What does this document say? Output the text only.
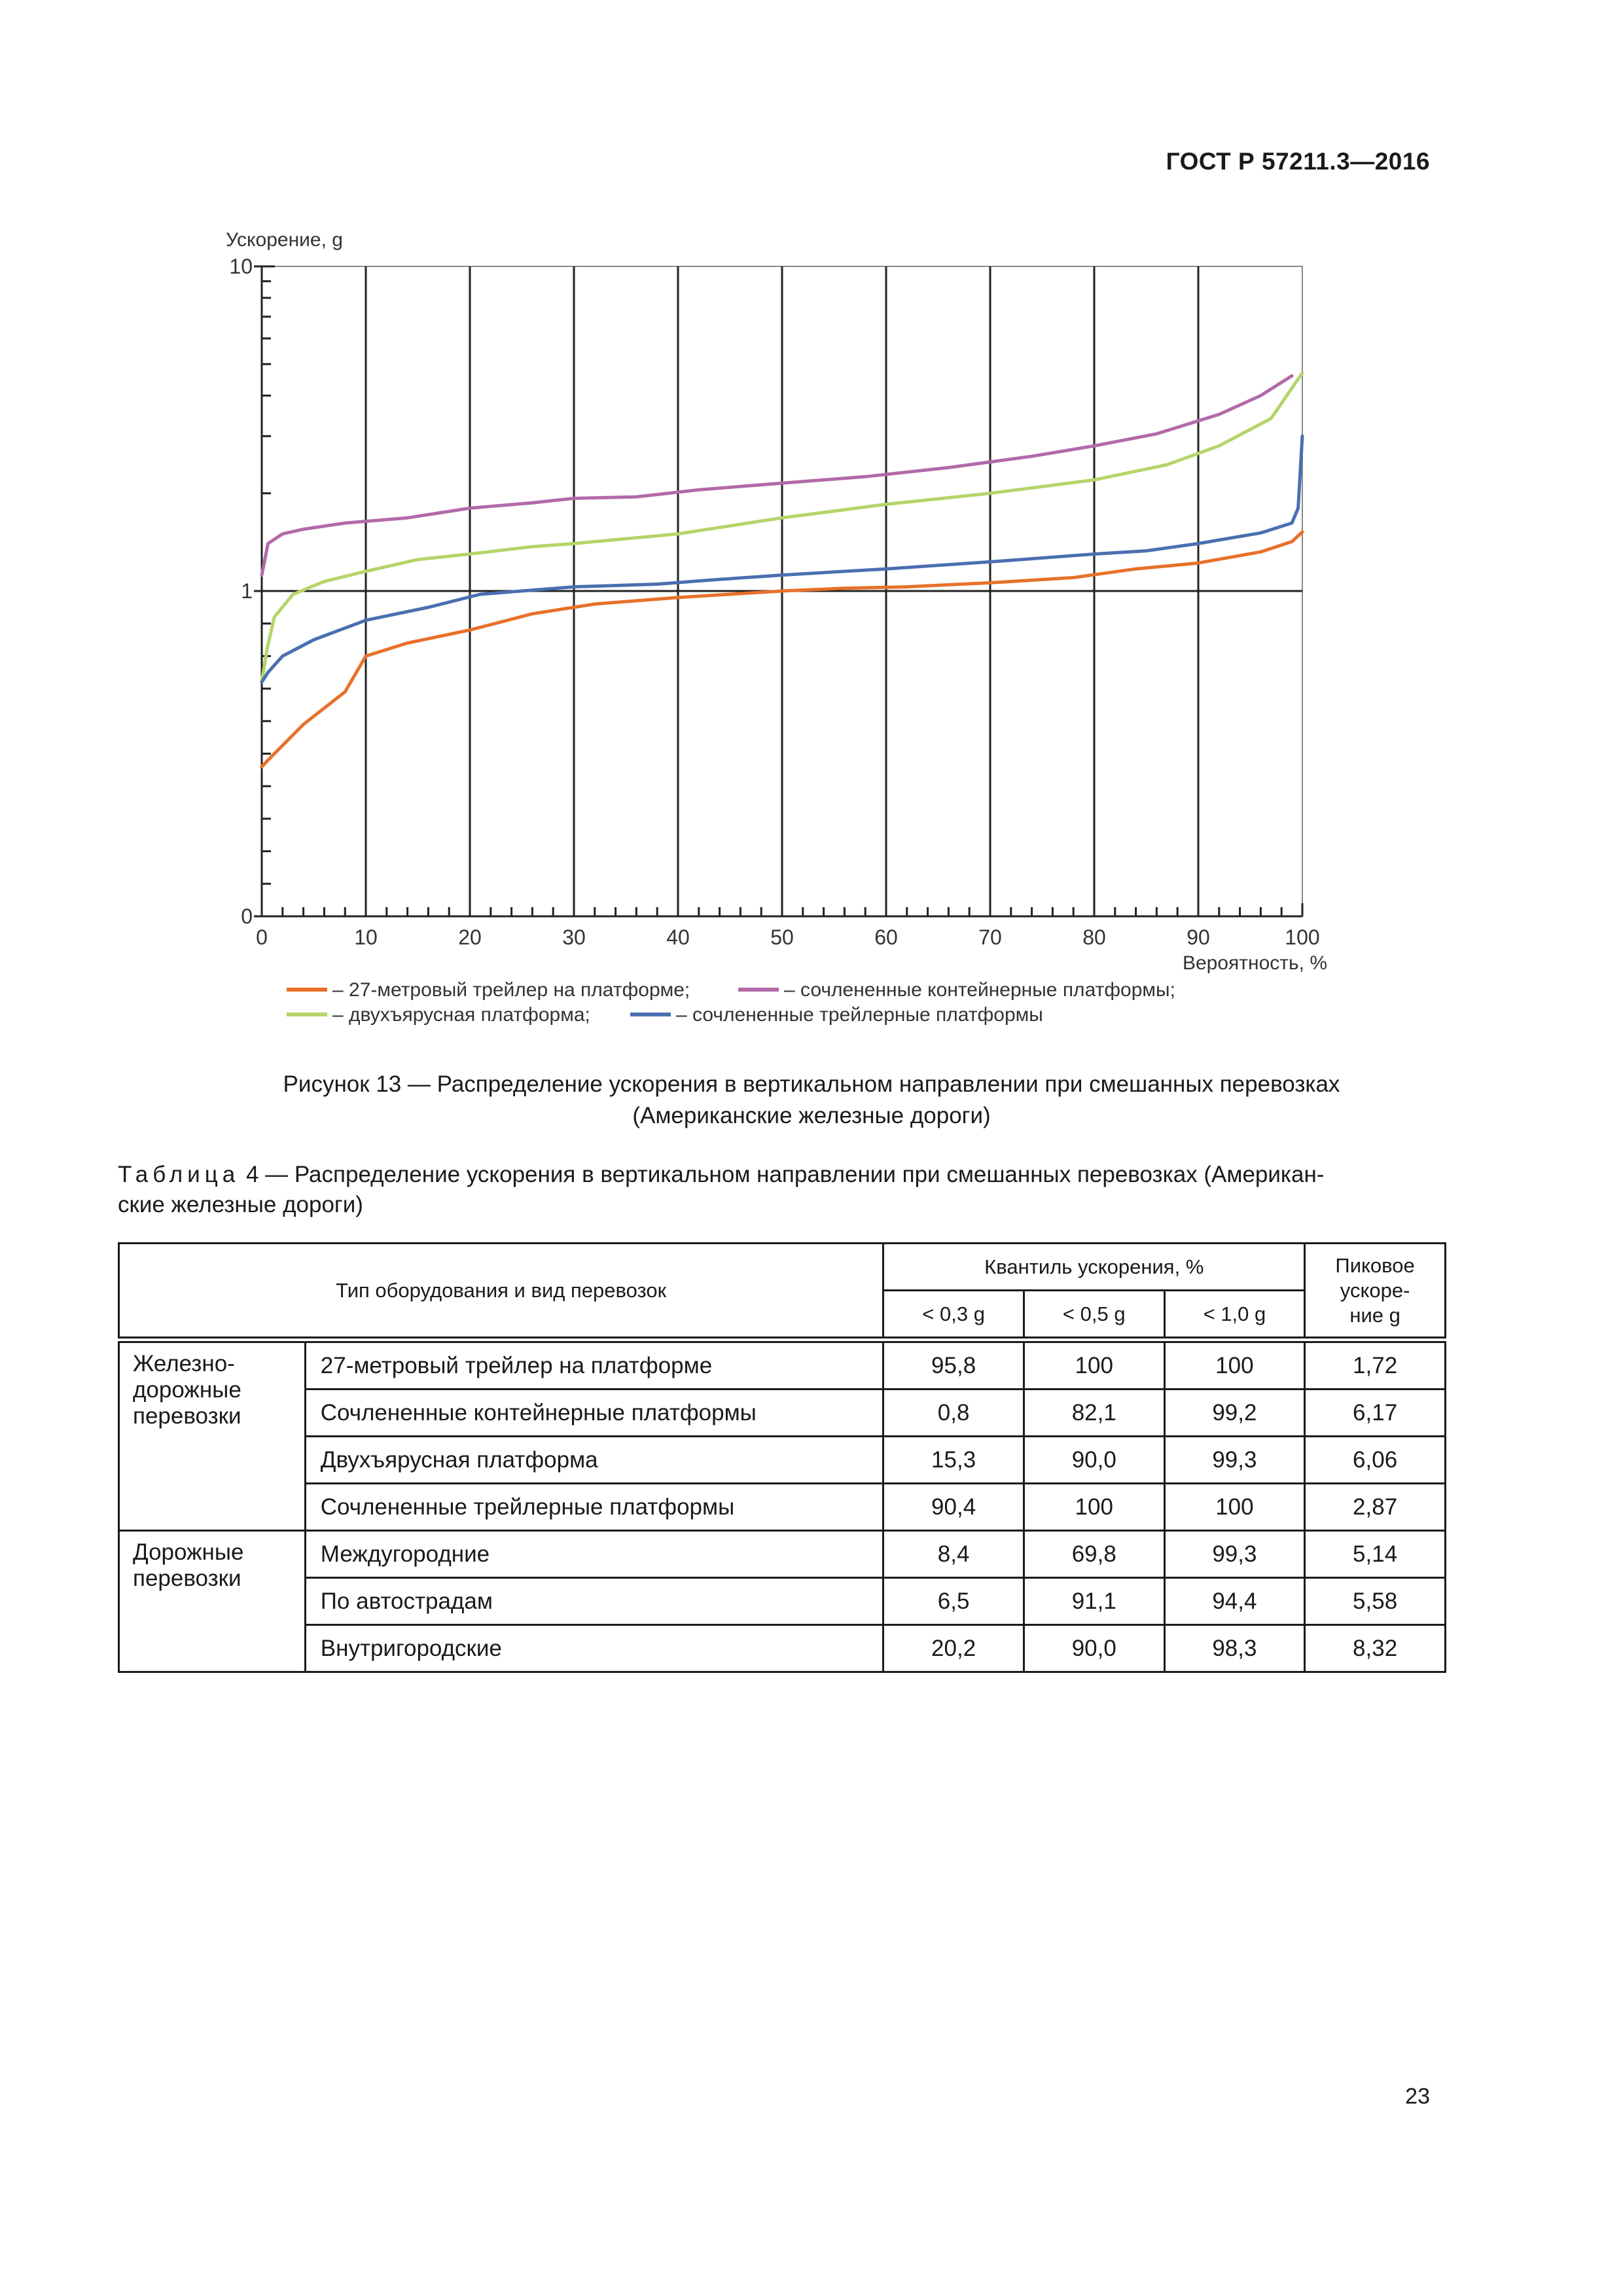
ГОСТ Р 57211.3—2016
0	10	20	30	40	50	60	70	80	90	100
0
1
10
Ускорение, g
Вероятность, %
– 27-метровый трейлер на платформе;	– сочлененные контейнерные платформы;
– двухъярусная платформа;	– сочлененные трейлерные платформы
Рисунок 13 — Распределение ускорения в вертикальном направлении при смешанных перевозках
(Американские железные дороги)
Таблица 4 — Распределение ускорения в вертикальном направлении при смешанных перевозках (Американ-
ские железные дороги)
Тип оборудования и вид перевозок		Квантиль ускорения, %			Пиковое
ускоре-
ние g
		< 0,3 g	< 0,5 g	< 1,0 g	

Железно-
дорожные
перевозки	27-метровый трейлер на платформе	95,8	100	100	1,72
	Сочлененные контейнерные платформы	0,8	82,1	99,2	6,17
	Двухъярусная платформа	15,3	90,0	99,3	6,06
	Сочлененные трейлерные платформы	90,4	100	100	2,87
Дорожные
перевозки	Междугородние	8,4	69,8	99,3	5,14
	По автострадам	6,5	91,1	94,4	5,58
	Внутригородские	20,2	90,0	98,3	8,32
23
